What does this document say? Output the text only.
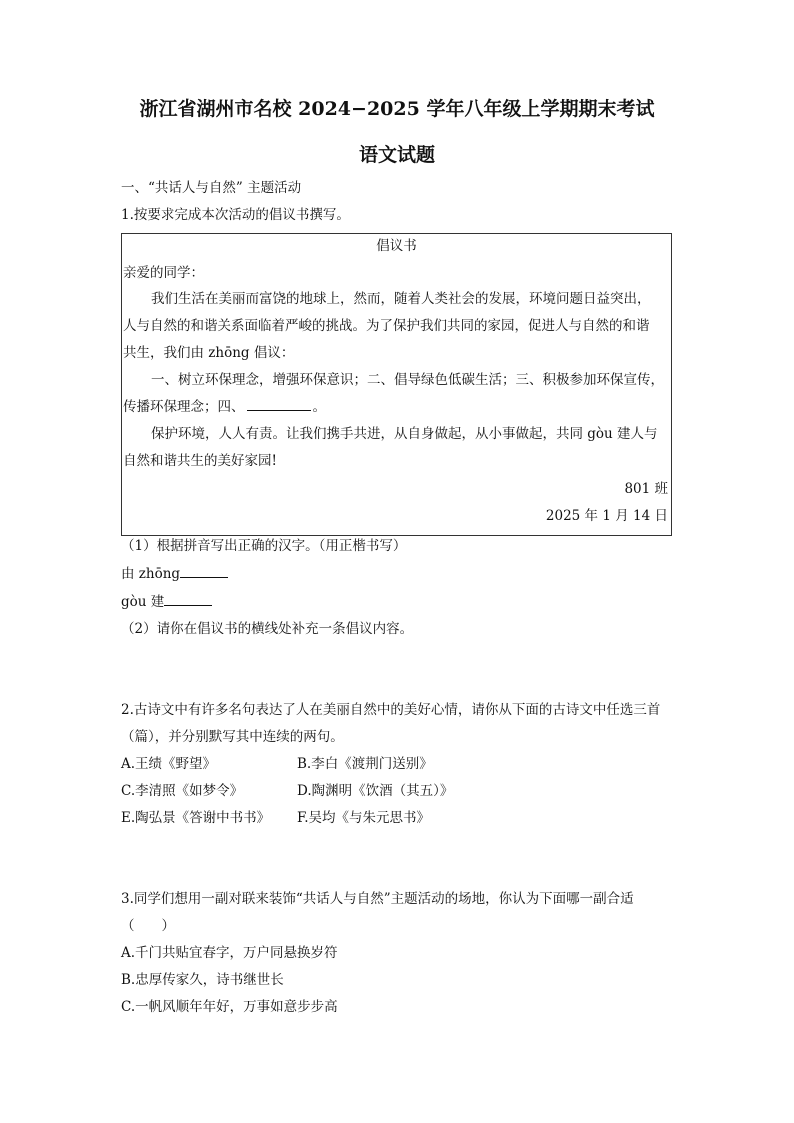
浙江省湖州市名校 2024−2025 学年八年级上学期期末考试
语文试题
一、“共话人与自然” 主题活动
1.按要求完成本次活动的倡议书撰写。
倡议书
亲爱的同学：
我们生活在美丽而富饶的地球上，然而，随着人类社会的发展，环境问题日益突出，
人与自然的和谐关系面临着严峻的挑战。为了保护我们共同的家园，促进人与自然的和谐
共生，我们由 zhōng 倡议：
一、树立环保理念，增强环保意识；二、倡导绿色低碳生活；三、积极参加环保宣传，
传播环保理念；四、	。
保护环境，人人有责。让我们携手共进，从自身做起，从小事做起，共同 gòu 建人与
自然和谐共生的美好家园!
801 班
2025 年 1 月 14 日
（1）根据拼音写出正确的汉字。（用正楷书写）
由 zhōng
gòu 建
（2）请你在倡议书的横线处补充一条倡议内容。
2.古诗文中有许多名句表达了人在美丽自然中的美好心情，请你从下面的古诗文中任选三首
（篇），并分别默写其中连续的两句。
A.王绩《野望》	B.李白《渡荆门送别》
C.李清照《如梦令》	D.陶渊明《饮酒（其五）》
E.陶弘景《答谢中书书》 F.吴均《与朱元思书》
3.同学们想用一副对联来装饰“共话人与自然”主题活动的场地，你认为下面哪一副合适
（　　）
A.千门共贴宜春字，万户同悬换岁符
B.忠厚传家久，诗书继世长
C.一帆风顺年年好，万事如意步步高
